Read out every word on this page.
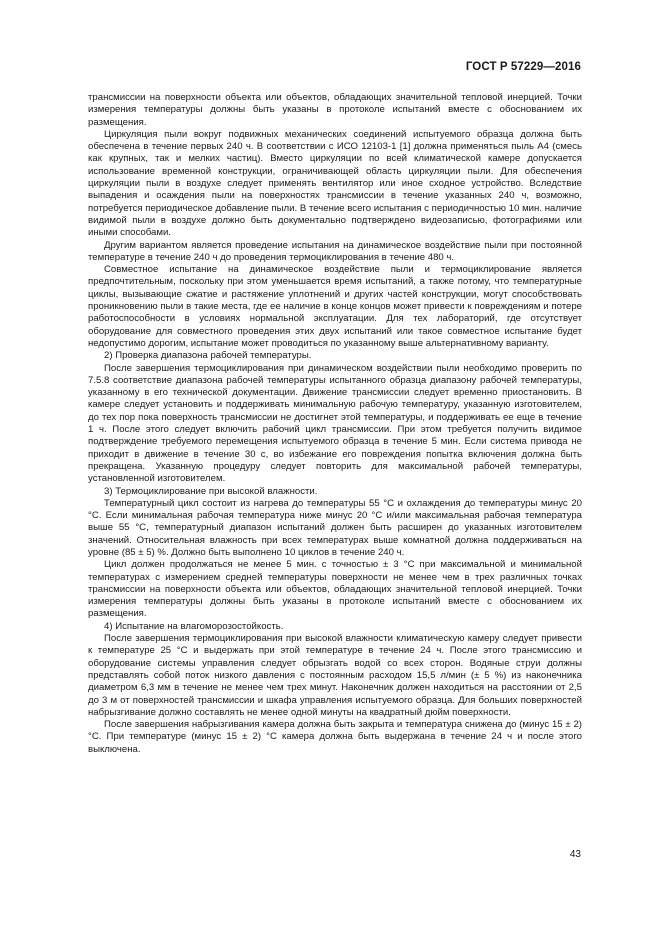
ГОСТ Р 57229—2016

трансмиссии на поверхности объекта или объектов, обладающих значительной тепловой инерцией. Точки измерения температуры должны быть указаны в протоколе испытаний вместе с обоснованием их размещения.

Циркуляция пыли вокруг подвижных механических соединений испытуемого образца должна быть обеспечена в течение первых 240 ч. В соответствии с ИСО 12103-1 [1] должна применяться пыль А4 (смесь как крупных, так и мелких частиц). Вместо циркуляции по всей климатической камере допускается использование временной конструкции, ограничивающей область циркуляции пыли. Для обеспечения циркуляции пыли в воздухе следует применять вентилятор или иное сходное устройство. Вследствие выпадения и осаждения пыли на поверхностях трансмиссии в течение указанных 240 ч, возможно, потребуется периодическое добавление пыли. В течение всего испытания с периодичностью 10 мин. наличие видимой пыли в воздухе должно быть документально подтверждено видеозаписью, фотографиями или иными способами.

Другим вариантом является проведение испытания на динамическое воздействие пыли при постоянной температуре в течение 240 ч до проведения термоциклирования в течение 480 ч.

Совместное испытание на динамическое воздействие пыли и термоциклирование является предпочтительным, поскольку при этом уменьшается время испытаний, а также потому, что температурные циклы, вызывающие сжатие и растяжение уплотнений и других частей конструкции, могут способствовать проникновению пыли в такие места, где ее наличие в конце концов может привести к повреждениям и потере работоспособности в условиях нормальной эксплуатации. Для тех лабораторий, где отсутствует оборудование для совместного проведения этих двух испытаний или такое совместное испытание будет недопустимо дорогим, испытание может проводиться по указанному выше альтернативному варианту.

2) Проверка диапазона рабочей температуры.

После завершения термоциклирования при динамическом воздействии пыли необходимо проверить по 7.5.8 соответствие диапазона рабочей температуры испытанного образца диапазону рабочей температуры, указанному в его технической документации. Движение трансмиссии следует временно приостановить. В камере следует установить и поддерживать минимальную рабочую температуру, указанную изготовителем, до тех пор пока поверхность трансмиссии не достигнет этой температуры, и поддерживать ее еще в течение 1 ч. После этого следует включить рабочий цикл трансмиссии. При этом требуется получить видимое подтверждение требуемого перемещения испытуемого образца в течение 5 мин. Если система привода не приходит в движение в течение 30 с, во избежание его повреждения попытка включения должна быть прекращена. Указанную процедуру следует повторить для максимальной рабочей температуры, установленной изготовителем.

3) Термоциклирование при высокой влажности.

Температурный цикл состоит из нагрева до температуры 55 °С и охлаждения до температуры минус 20 °С. Если минимальная рабочая температура ниже минус 20 °С и/или максимальная рабочая температура выше 55 °С, температурный диапазон испытаний должен быть расширен до указанных изготовителем значений. Относительная влажность при всех температурах выше комнатной должна поддерживаться на уровне (85 ± 5) %. Должно быть выполнено 10 циклов в течение 240 ч.

Цикл должен продолжаться не менее 5 мин. с точностью ± 3 °С при максимальной и минимальной температурах с измерением средней температуры поверхности не менее чем в трех различных точках трансмиссии на поверхности объекта или объектов, обладающих значительной тепловой инерцией. Точки измерения температуры должны быть указаны в протоколе испытаний вместе с обоснованием их размещения.

4) Испытание на влагоморозостойкость.

После завершения термоциклирования при высокой влажности климатическую камеру следует привести к температуре 25 °С и выдержать при этой температуре в течение 24 ч. После этого трансмиссию и оборудование системы управления следует обрызгать водой со всех сторон. Водяные струи должны представлять собой поток низкого давления с постоянным расходом 15,5 л/мин (± 5 %) из наконечника диаметром 6,3 мм в течение не менее чем трех минут. Наконечник должен находиться на расстоянии от 2,5 до 3 м от поверхностей трансмиссии и шкафа управления испытуемого образца. Для больших поверхностей набрызгивание должно составлять не менее одной минуты на квадратный дюйм поверхности.

После завершения набрызгивания камера должна быть закрыта и температура снижена до (минус 15 ± 2) °С. При температуре (минус 15 ± 2) °С камера должна быть выдержана в течение 24 ч и после этого выключена.

43
